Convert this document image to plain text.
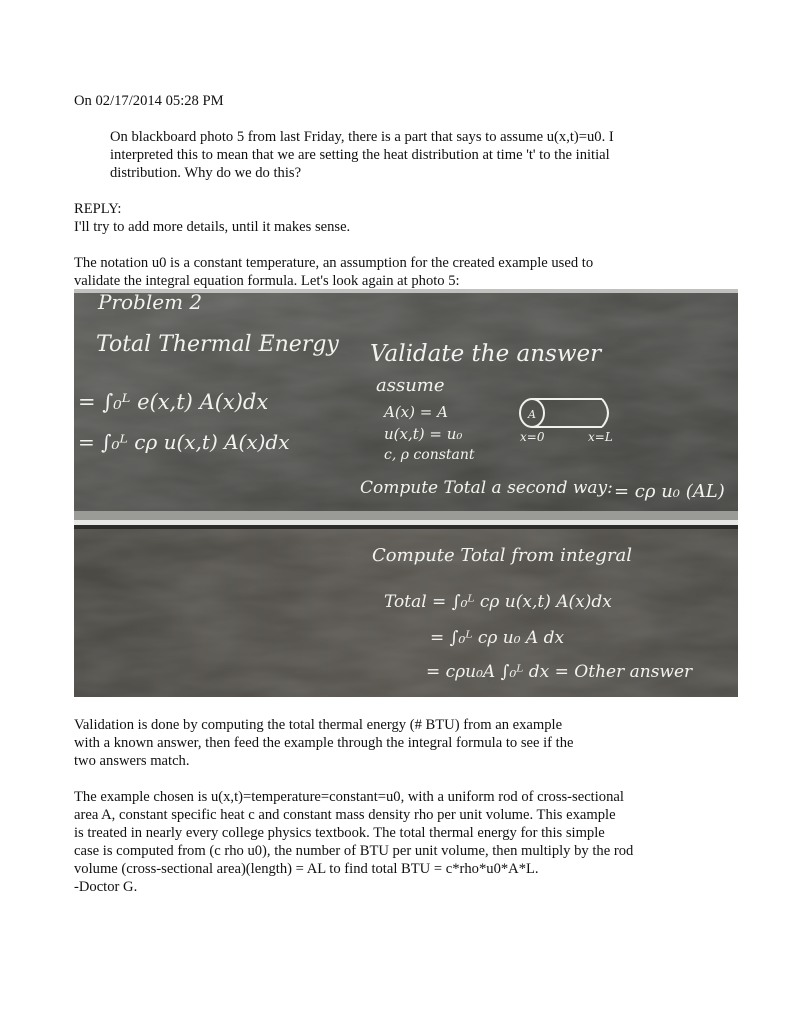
On 02/17/2014 05:28 PM
On blackboard photo 5 from last Friday, there is a part that says to assume u(x,t)=u0. I
interpreted this to mean that we are setting the heat distribution at time 't' to the initial
distribution. Why do we do this?
REPLY:
I'll try to add more details, until it makes sense.
The notation u0 is a constant temperature, an assumption for the created example used to
validate the integral equation formula. Let's look again at photo 5:
Problem 2
Total Thermal Energy
= ∫₀ᴸ e(x,t) A(x)dx
= ∫₀ᴸ cρ u(x,t) A(x)dx
Validate the answer
assume
A(x) = A
u(x,t) = u₀
c, ρ constant
A
x=0	x=L
Compute Total a second way: = cρ u₀ (AL)
Compute Total from integral
Total = ∫₀ᴸ cρ u(x,t) A(x)dx
= ∫₀ᴸ cρ u₀ A dx
= cρu₀A ∫₀ᴸ dx = Other answer
Validation is done by computing the total thermal energy (# BTU) from an example
with a known answer, then feed the example through the integral formula to see if the
two answers match.
The example chosen is u(x,t)=temperature=constant=u0, with a uniform rod of cross-sectional
area A, constant specific heat c and constant mass density rho per unit volume. This example
is treated in nearly every college physics textbook. The total thermal energy for this simple
case is computed from (c rho u0), the number of BTU per unit volume, then multiply by the rod
volume (cross-sectional area)(length) = AL to find total BTU = c*rho*u0*A*L.
-Doctor G.
